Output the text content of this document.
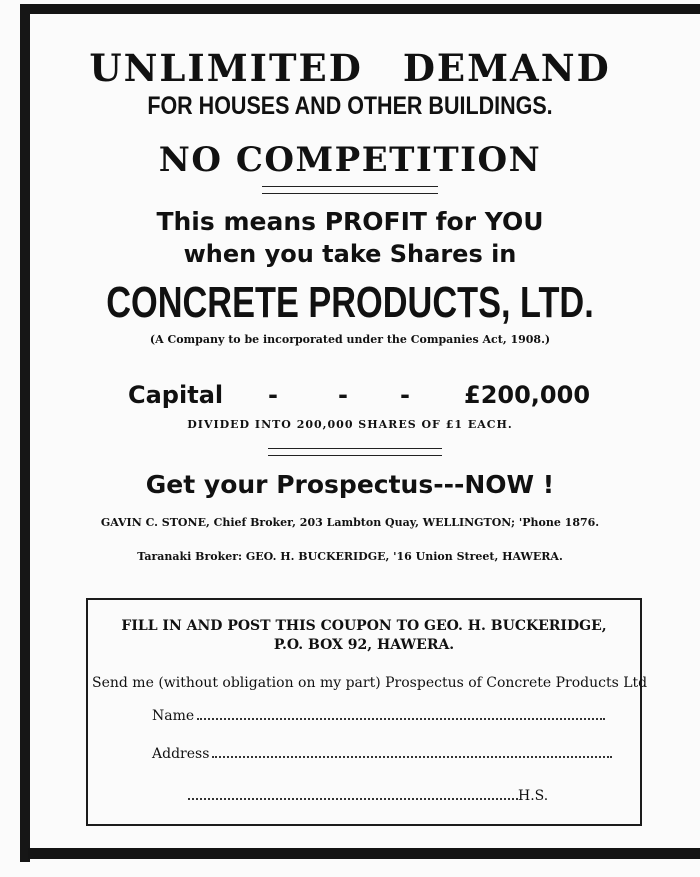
UNLIMITED DEMAND
FOR HOUSES AND OTHER BUILDINGS.
NO COMPETITION
This means PROFIT for YOU
when you take Shares in
CONCRETE PRODUCTS, LTD.
(A Company to be incorporated under the Companies Act, 1908.)
Capital -	- - £200,000
DIVIDED INTO 200,000 SHARES OF £1 EACH.
Get your Prospectus---NOW !
GAVIN C. STONE, Chief Broker, 203 Lambton Quay, WELLINGTON; 'Phone 1876.
Taranaki Broker: GEO. H. BUCKERIDGE, '16 Union Street, HAWERA.
FILL IN AND POST THIS COUPON TO GEO. H. BUCKERIDGE,
P.O. BOX 92, HAWERA.
Send me (without obligation on my part) Prospectus of Concrete Products Ltd
Name
Address
H.S.
